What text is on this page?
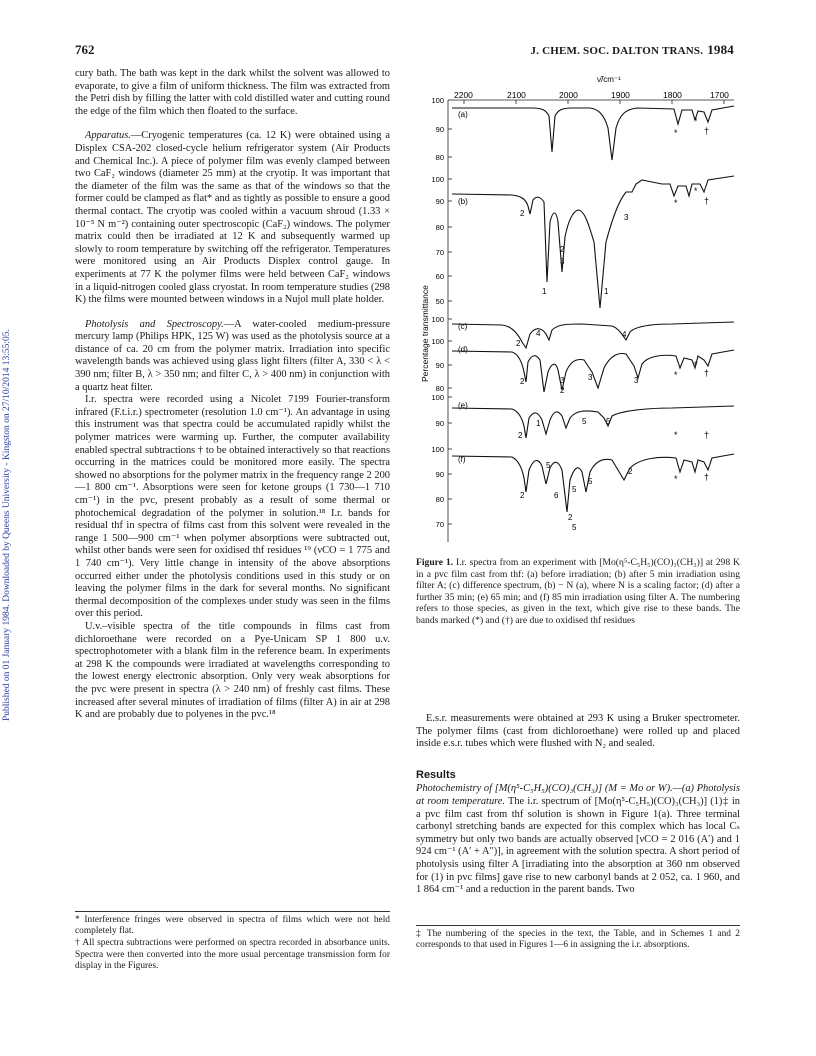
Published on 01 January 1984. Downloaded by Queens University - Kingston on 27/10/2014 13:55:05.
762	J. CHEM. SOC. DALTON TRANS. 1984

cury bath. The bath was kept in the dark whilst the solvent was allowed to evaporate, to give a film of uniform thickness. The film was extracted from the Petri dish by filling the latter with cold distilled water and cutting round the edge of the film which then floated to the surface.

Apparatus.—Cryogenic temperatures (ca. 12 K) were obtained using a Displex CSA-202 closed-cycle helium refrigerator system (Air Products and Chemical Inc.). A piece of polymer film was evenly clamped between two CaF₂ windows (diameter 25 mm) at the cryotip. It was important that the diameter of the film was the same as that of the windows so that the former could be clamped as flat* and as tightly as possible to ensure a good thermal contact. The cryotip was cooled within a vacuum shroud (1.33 × 10⁻⁵ N m⁻²) containing outer spectroscopic (CaF₂) windows. The polymer matrix could then be irradiated at 12 K and subsequently warmed up slowly to room temperature by switching off the refrigerator. Temperatures were monitored using an Air Products Displex control gauge. In experiments at 77 K the polymer films were held between CaF₂ windows in a liquid-nitrogen cooled glass cryostat. In room temperature studies (298 K) the films were mounted between windows in a Nujol mull plate holder.

Photolysis and Spectroscopy.—A water-cooled medium-pressure mercury lamp (Philips HPK, 125 W) was used as the photolysis source at a distance of ca. 20 cm from the polymer matrix. Irradiation into specific wavelength bands was achieved using glass light filters (filter A, 330 < λ < 390 nm; filter B, λ > 350 nm; and filter C, λ > 400 nm) in conjunction with a quartz heat filter.

I.r. spectra were recorded using a Nicolet 7199 Fourier-transform infrared (F.t.i.r.) spectrometer (resolution 1.0 cm⁻¹). An advantage in using this instrument was that spectra could be accumulated rapidly whilst the polymer matrices were warming up. Further, the computer availability enabled spectral subtractions † to be obtained interactively so that reactions occurring in the matrices could be monitored more easily. The spectra showed no absorptions for the polymer matrix in the frequency range 2 200—1 800 cm⁻¹. Absorptions were seen for ketone groups (1 730—1 710 cm⁻¹) in the pvc, present probably as a result of some thermal or photochemical degradation of the polymer in solution.¹⁸ I.r. bands for residual thf in spectra of films cast from this solvent were revealed in the range 1 500—900 cm⁻¹ when polymer absorptions were subtracted out, whilst other bands were seen for oxidised thf residues ¹⁹ (νCO = 1 775 and 1 740 cm⁻¹). Very little change in intensity of the above absorptions occurred either under the photolysis conditions used in this study or on leaving the polymer films in the dark for several months. No significant thermal decomposition of the complexes under study was seen in the films over this period.

U.v.–visible spectra of the title compounds in films cast from dichloroethane were recorded on a Pye-Unicam SP 1 800 u.v. spectrophotometer with a blank film in the reference beam. In experiments at 298 K the compounds were irradiated at wavelengths corresponding to the lowest energy electronic absorption. Only very weak absorptions for the pvc were present in spectra (λ > 240 nm) of freshly cast films. These increased after several minutes of irradiation of films (filter A) in air at 298 K and are probably due to polyenes in the pvc.¹⁸

* Interference fringes were observed in spectra of films which were not held completely flat.

† All spectra subtractions were performed on spectra recorded in absorbance units. Spectra were then converted into the more usual percentage transmission form for display in the Figures.

ν̃/cm⁻¹
2200	2100	2000	1900	1800	1700
Percentage transmittance
100
90
80
100
90
80
70
60
50
100
100
90
80
100
90
100
90
80
70
(a)
(b)
(c)
(d)
(e)
(f)
2	3
2
3
1	1
4
2
4
2	3
2
3	3
1
2
5 5
2
5
5
6
2
5
2
5
*
*
†
*
*
†
*
*
†
*	†
*	†
Figure 1. I.r. spectra from an experiment with [Mo(η⁵-C₅H₅)(CO)₃(CH₃)] at 298 K in a pvc film cast from thf: (a) before irradiation; (b) after 5 min irradiation using filter A; (c) difference spectrum, (b) − N (a), where N is a scaling factor; (d) after a further 35 min; (e) 65 min; and (f) 85 min irradiation using filter A. The numbering refers to those species, as given in the text, which give rise to these bands. The bands marked (*) and (†) are due to oxidised thf residues

E.s.r. measurements were obtained at 293 K using a Bruker spectrometer. The polymer films (cast from dichloroethane) were rolled up and placed inside e.s.r. tubes which were flushed with N₂ and sealed.

Results

Photochemistry of [M(η⁵-C₅H₅)(CO)₃(CH₃)] (M = Mo or W).—(a) Photolysis at room temperature. The i.r. spectrum of [Mo(η⁵-C₅H₅)(CO)₃(CH₃)] (1)‡ in a pvc film cast from thf solution is shown in Figure 1(a). Three terminal carbonyl stretching bands are expected for this complex which has local Cₛ symmetry but only two bands are actually observed [νCO = 2 016 (A′) and 1 924 cm⁻¹ (A′ + A″)], in agreement with the solution spectra. A short period of photolysis using filter A [irradiating into the absorption at 360 nm observed for (1) in pvc films] gave rise to new carbonyl bands at 2 052, ca. 1 960, and 1 864 cm⁻¹ and a reduction in the parent bands. Two

‡ The numbering of the species in the text, the Table, and in Schemes 1 and 2 corresponds to that used in Figures 1—6 in assigning the i.r. absorptions.
